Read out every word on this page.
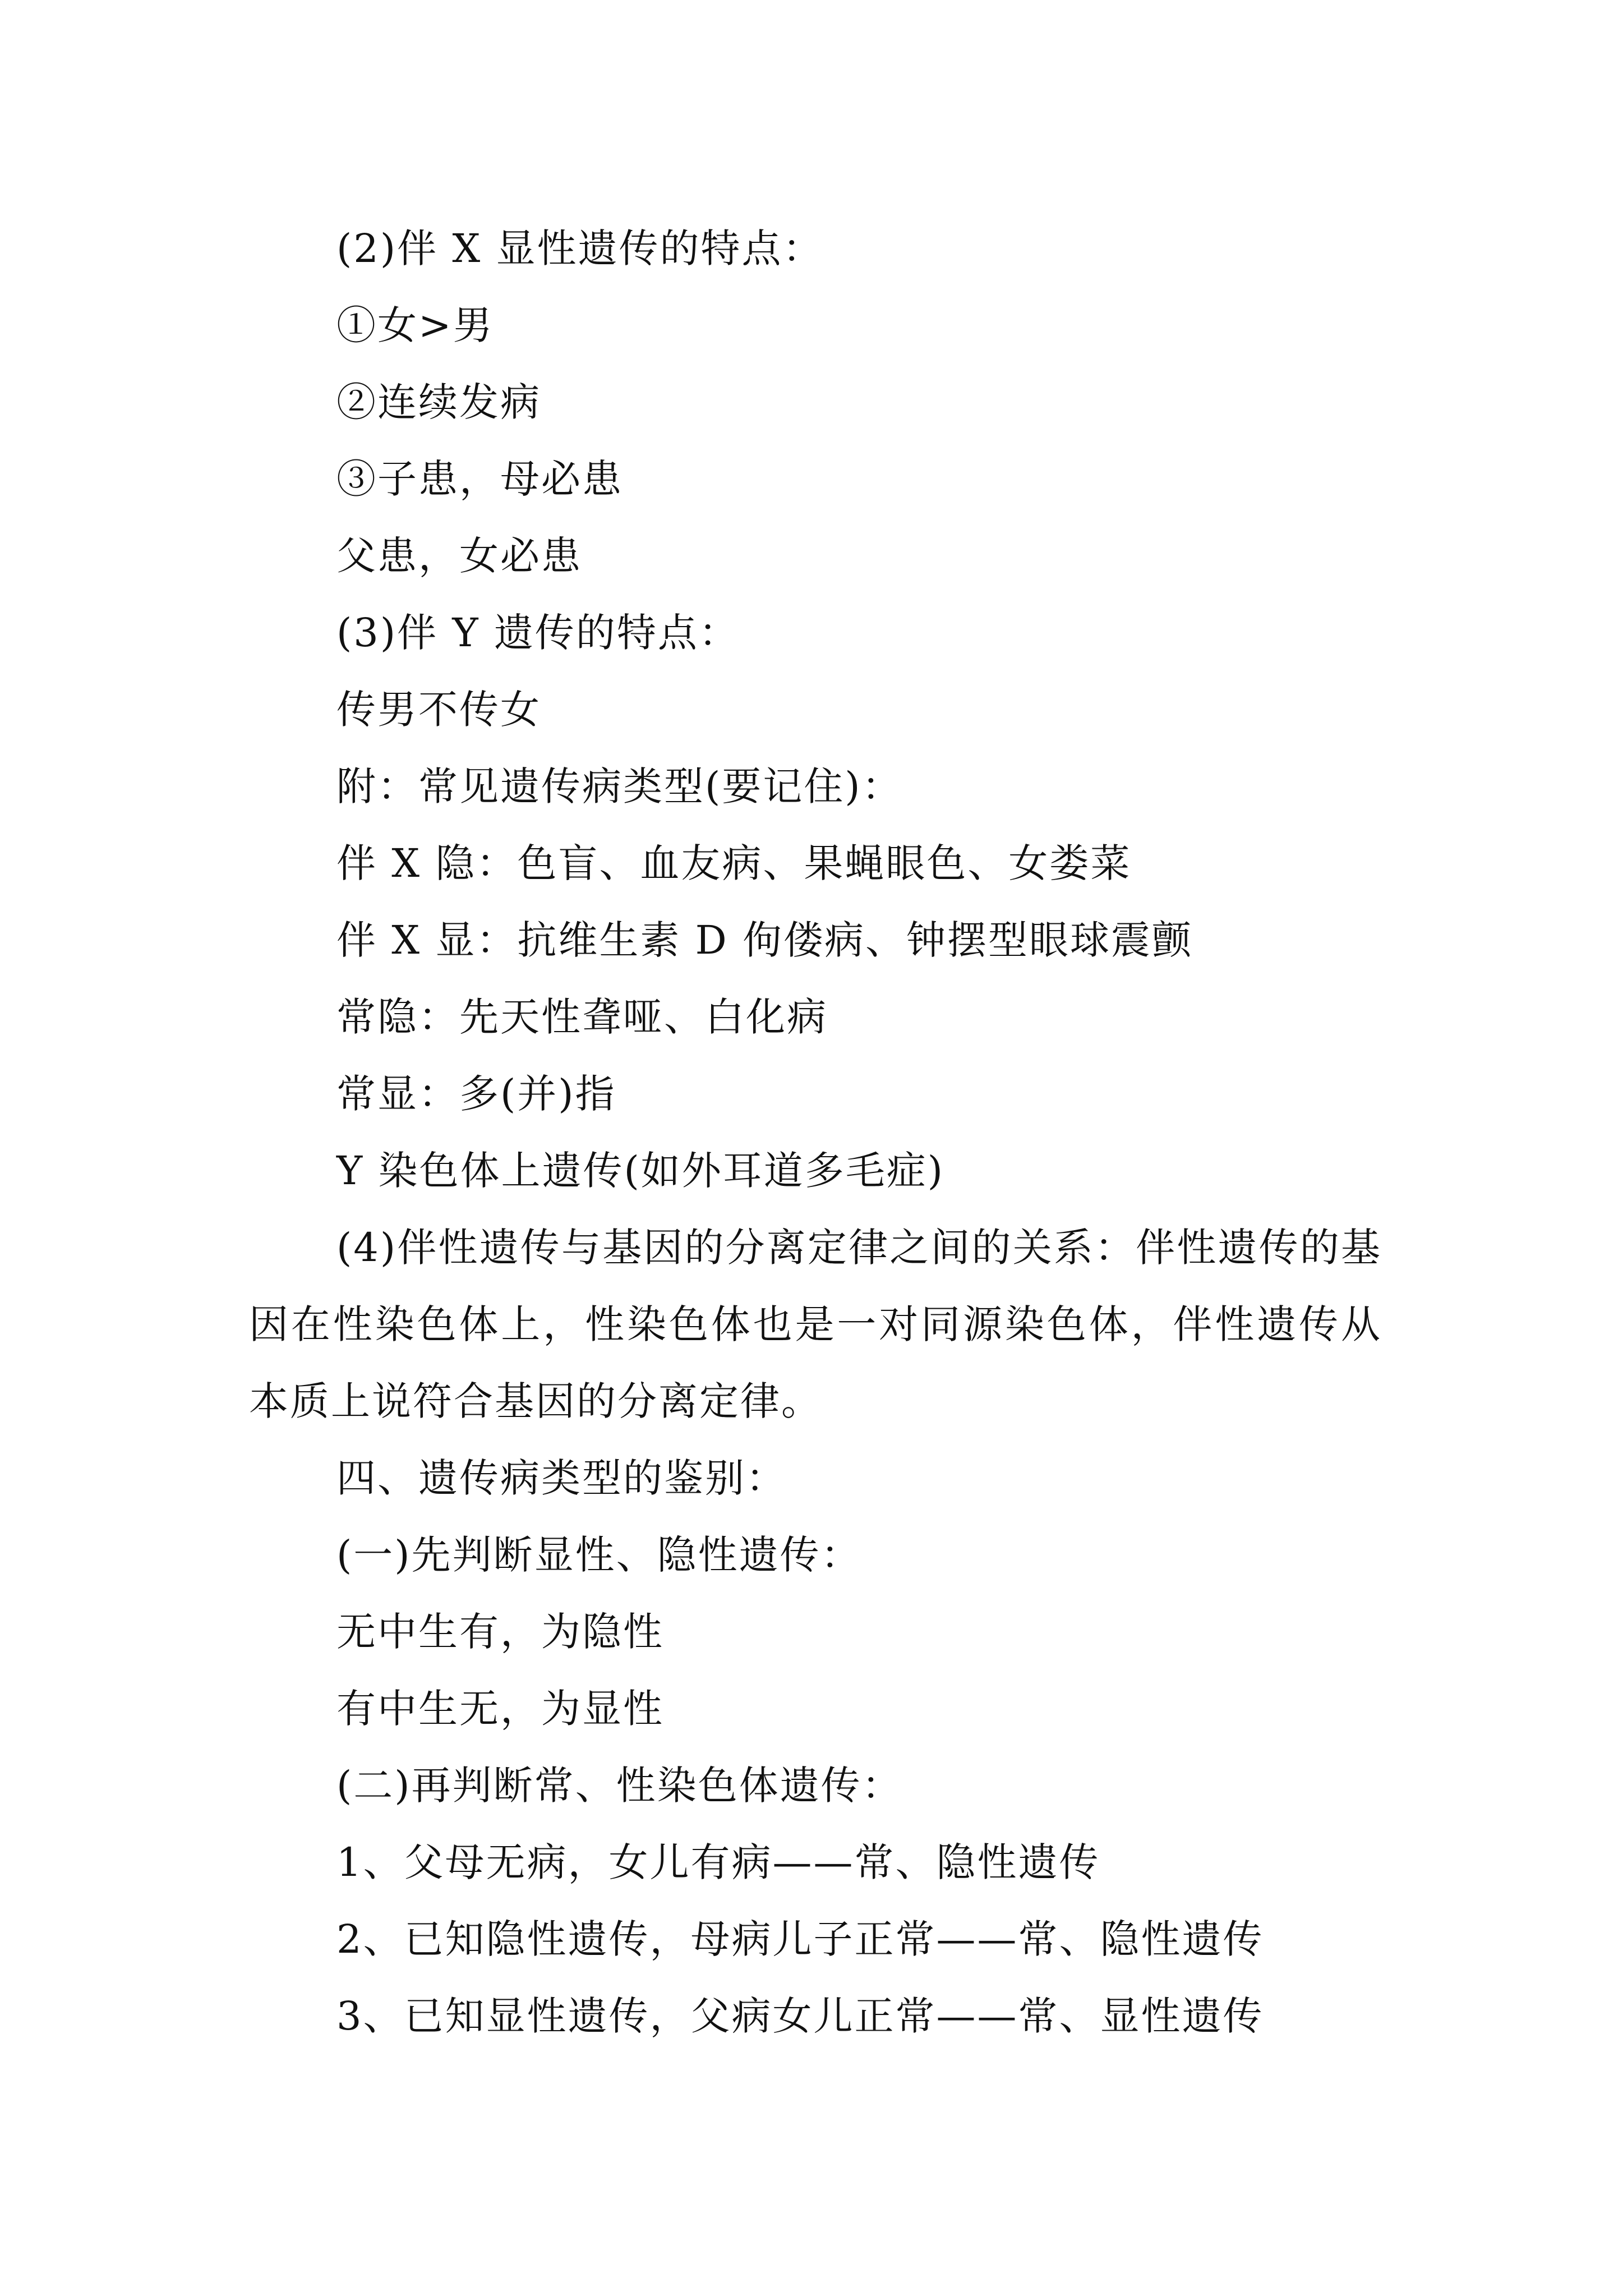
(2)伴 X 显性遗传的特点：

①女>男

②连续发病

③子患，母必患

父患，女必患

(3)伴 Y 遗传的特点：

传男不传女

附：常见遗传病类型(要记住)：

伴 X 隐：色盲、血友病、果蝇眼色、女娄菜

伴 X 显：抗维生素 D 佝偻病、钟摆型眼球震颤

常隐：先天性聋哑、白化病

常显：多(并)指

Y 染色体上遗传(如外耳道多毛症)

(4)伴性遗传与基因的分离定律之间的关系：伴性遗传的基因在性染色体上，性染色体也是一对同源染色体，伴性遗传从本质上说符合基因的分离定律。

四、遗传病类型的鉴别：

(一)先判断显性、隐性遗传：

无中生有，为隐性

有中生无，为显性

(二)再判断常、性染色体遗传：

1、父母无病，女儿有病——常、隐性遗传

2、已知隐性遗传，母病儿子正常——常、隐性遗传

3、已知显性遗传，父病女儿正常——常、显性遗传
